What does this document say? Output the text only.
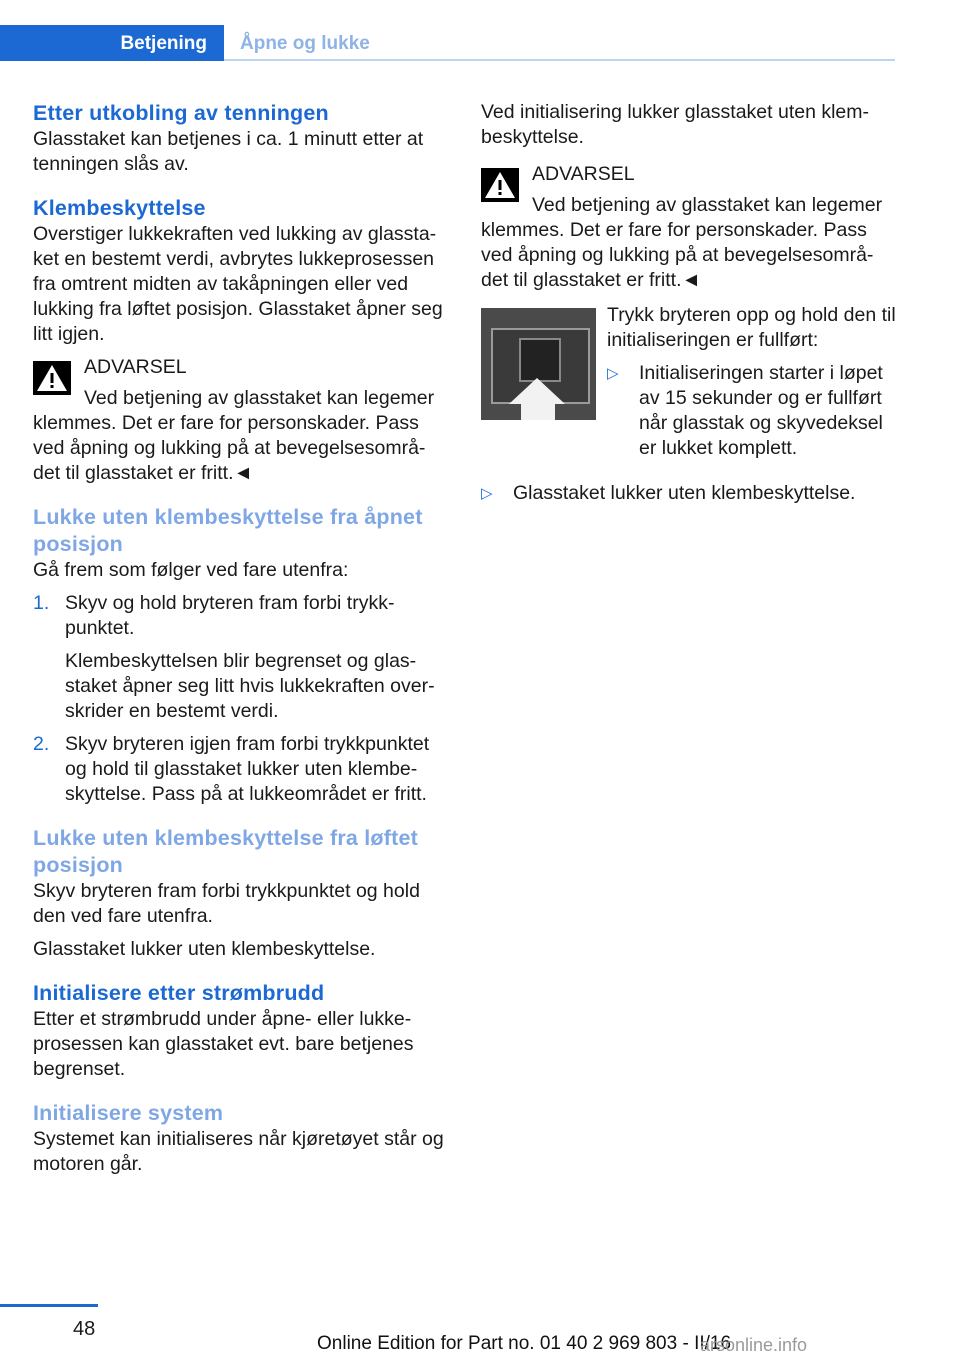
Betjening Åpne og lukke
Etter utkobling av tenningen

Glasstaket kan betjenes i ca. 1 minutt etter at tenningen slås av.

Klembeskyttelse

Overstiger lukkekraften ved lukking av glassta-ket en bestemt verdi, avbrytes lukkeprosessen fra omtrent midten av takåpningen eller ved lukking fra løftet posisjon. Glasstaket åpner seg litt igjen.

ADVARSEL
Ved betjening av glasstaket kan legemer klemmes. Det er fare for personskader. Pass ved åpning og lukking på at bevegelsesområ-det til glasstaket er fritt.◄
Lukke uten klembeskyttelse fra åpnet posisjon

Gå frem som følger ved fare utenfra:

1. Skyv og hold bryteren fram forbi trykk-punktet.
Klembeskyttelsen blir begrenset og glas-staket åpner seg litt hvis lukkekraften over-skrider en bestemt verdi.
2. Skyv bryteren igjen fram forbi trykkpunktet og hold til glasstaket lukker uten klembe-skyttelse. Pass på at lukkeområdet er fritt.
Lukke uten klembeskyttelse fra løftet posisjon

Skyv bryteren fram forbi trykkpunktet og hold den ved fare utenfra.

Glasstaket lukker uten klembeskyttelse.

Initialisere etter strømbrudd

Etter et strømbrudd under åpne- eller lukke-prosessen kan glasstaket evt. bare betjenes begrenset.

Initialisere system

Systemet kan initialiseres når kjøretøyet står og motoren går.

Ved initialisering lukker glasstaket uten klem-beskyttelse.

ADVARSEL
Ved betjening av glasstaket kan legemer klemmes. Det er fare for personskader. Pass ved åpning og lukking på at bevegelsesområ-det til glasstaket er fritt.◄

Trykk bryteren opp og hold den til initialiseringen er fullført:

▷ Initialiseringen starter i løpet av 15 sekunder og er fullført når glasstak og skyvedeksel er lukket komplett.
▷ Glasstaket lukker uten klembeskyttelse.
48
Online Edition for Part no. 01 40 2 969 803 - II/16
arsonline.info
